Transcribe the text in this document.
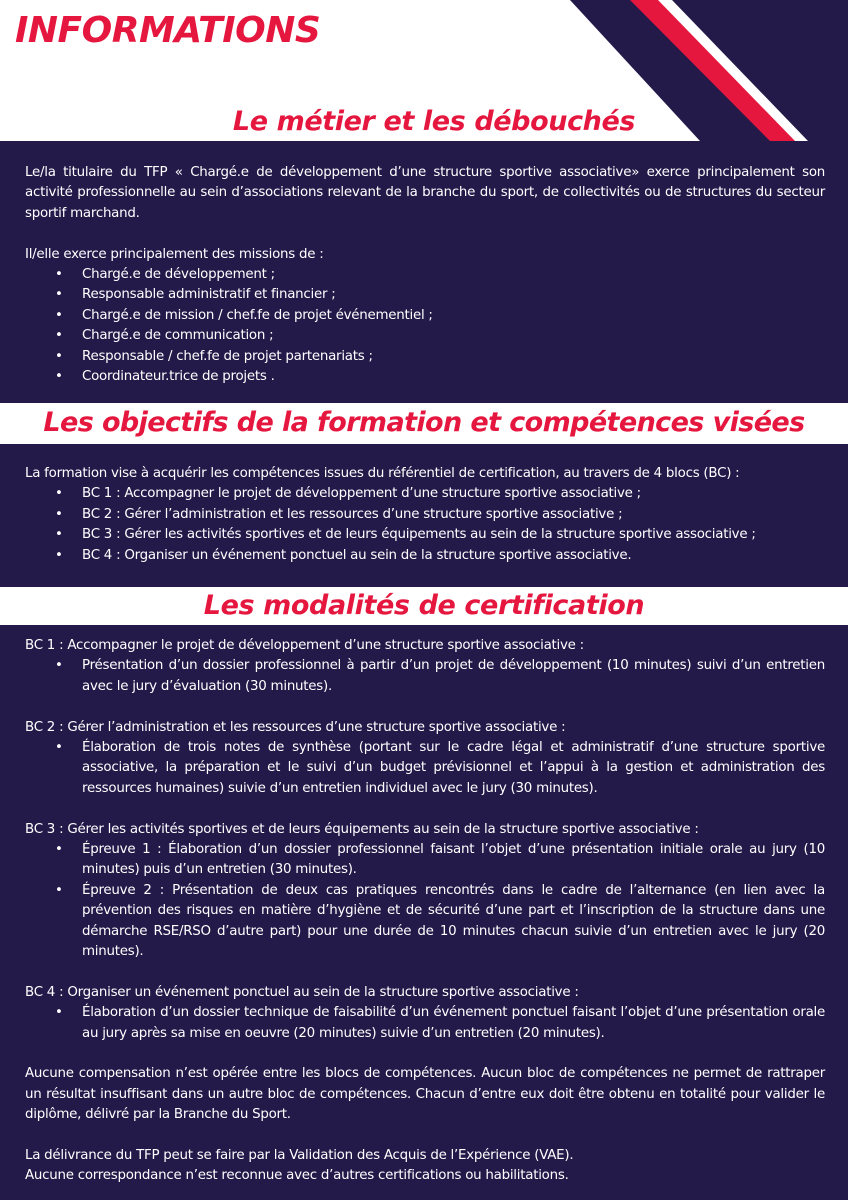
INFORMATIONS
Le métier et les débouchés

Le/la titulaire du TFP « Chargé.e de développement d’une structure sportive associative» exerce principalement son activité professionnelle au sein d’associations relevant de la branche du sport, de collectivités ou de structures du secteur sportif marchand.

Il/elle exerce principalement des missions de :

• Chargé.e de développement ;
• Responsable administratif et financier ;
• Chargé.e de mission / chef.fe de projet événementiel ;
• Chargé.e de communication ;
• Responsable / chef.fe de projet partenariats ;
• Coordinateur.trice de projets .
Les objectifs de la formation et compétences visées

La formation vise à acquérir les compétences issues du référentiel de certification, au travers de 4 blocs (BC) :

• BC 1 : Accompagner le projet de développement d’une structure sportive associative ;
• BC 2 : Gérer l’administration et les ressources d’une structure sportive associative ;
• BC 3 : Gérer les activités sportives et de leurs équipements au sein de la structure sportive associative ;
• BC 4 : Organiser un événement ponctuel au sein de la structure sportive associative.
Les modalités de certification

BC 1 : Accompagner le projet de développement d’une structure sportive associative :

• Présentation d’un dossier professionnel à partir d’un projet de développement (10 minutes) suivi d’un entretien avec le jury d’évaluation (30 minutes).

BC 2 : Gérer l’administration et les ressources d’une structure sportive associative :

• Élaboration de trois notes de synthèse (portant sur le cadre légal et administratif d’une structure sportive associative, la préparation et le suivi d’un budget prévisionnel et l’appui à la gestion et administration des ressources humaines) suivie d’un entretien individuel avec le jury (30 minutes).

BC 3 : Gérer les activités sportives et de leurs équipements au sein de la structure sportive associative :

• Épreuve 1 : Élaboration d’un dossier professionnel faisant l’objet d’une présentation initiale orale au jury (10 minutes) puis d’un entretien (30 minutes).
• Épreuve 2 : Présentation de deux cas pratiques rencontrés dans le cadre de l’alternance (en lien avec la prévention des risques en matière d’hygiène et de sécurité d’une part et l’inscription de la structure dans une démarche RSE/RSO d’autre part) pour une durée de 10 minutes chacun suivie d’un entretien avec le jury (20 minutes).

BC 4 : Organiser un événement ponctuel au sein de la structure sportive associative :

• Élaboration d’un dossier technique de faisabilité d’un événement ponctuel faisant l’objet d’une présentation orale au jury après sa mise en oeuvre (20 minutes) suivie d’un entretien (20 minutes).

Aucune compensation n’est opérée entre les blocs de compétences. Aucun bloc de compétences ne permet de rattraper un résultat insuffisant dans un autre bloc de compétences. Chacun d’entre eux doit être obtenu en totalité pour valider le diplôme, délivré par la Branche du Sport.

La délivrance du TFP peut se faire par la Validation des Acquis de l’Expérience (VAE).

Aucune correspondance n’est reconnue avec d’autres certifications ou habilitations.
